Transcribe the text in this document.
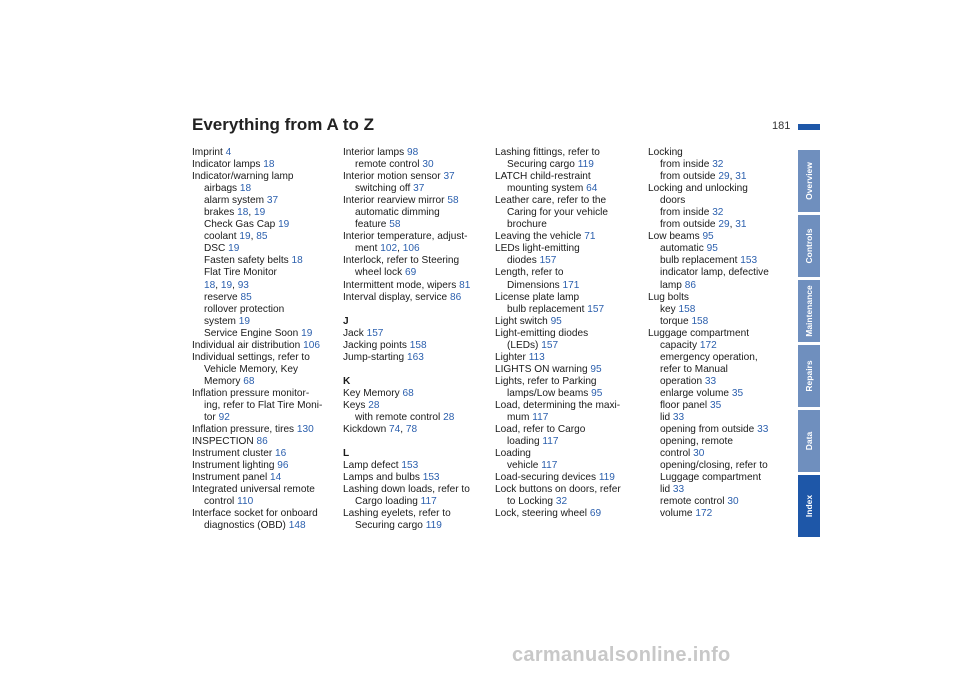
Everything from A to Z	181
Overview
Controls
Maintenance
Repairs
Data
Index
Imprint 4
Indicator lamps 18
Indicator/warning lamp
airbags 18
alarm system 37
brakes 18, 19
Check Gas Cap 19
coolant 19, 85
DSC 19
Fasten safety belts 18
Flat Tire Monitor
18, 19, 93
reserve 85
rollover protection
system 19
Service Engine Soon 19
Individual air distribution 106
Individual settings, refer to
Vehicle Memory, Key
Memory 68
Inflation pressure monitor-
ing, refer to Flat Tire Moni-
tor 92
Inflation pressure, tires 130
INSPECTION 86
Instrument cluster 16
Instrument lighting 96
Instrument panel 14
Integrated universal remote
control 110
Interface socket for onboard
diagnostics (OBD) 148
Interior lamps 98
remote control 30
Interior motion sensor 37
switching off 37
Interior rearview mirror 58
automatic dimming
feature 58
Interior temperature, adjust-
ment 102, 106
Interlock, refer to Steering
wheel lock 69
Intermittent mode, wipers 81
Interval display, service 86
J
Jack 157
Jacking points 158
Jump-starting 163
K
Key Memory 68
Keys 28
with remote control 28
Kickdown 74, 78
L
Lamp defect 153
Lamps and bulbs 153
Lashing down loads, refer to
Cargo loading 117
Lashing eyelets, refer to
Securing cargo 119
Lashing fittings, refer to
Securing cargo 119
LATCH child-restraint
mounting system 64
Leather care, refer to the
Caring for your vehicle
brochure
Leaving the vehicle 71
LEDs light-emitting
diodes 157
Length, refer to
Dimensions 171
License plate lamp
bulb replacement 157
Light switch 95
Light-emitting diodes
(LEDs) 157
Lighter 113
LIGHTS ON warning 95
Lights, refer to Parking
lamps/Low beams 95
Load, determining the maxi-
mum 117
Load, refer to Cargo
loading 117
Loading
vehicle 117
Load-securing devices 119
Lock buttons on doors, refer
to Locking 32
Lock, steering wheel 69
Locking
from inside 32
from outside 29, 31
Locking and unlocking
doors
from inside 32
from outside 29, 31
Low beams 95
automatic 95
bulb replacement 153
indicator lamp, defective
lamp 86
Lug bolts
key 158
torque 158
Luggage compartment
capacity 172
emergency operation,
refer to Manual
operation 33
enlarge volume 35
floor panel 35
lid 33
opening from outside 33
opening, remote
control 30
opening/closing, refer to
Luggage compartment
lid 33
remote control 30
volume 172
carmanualsonline.info
